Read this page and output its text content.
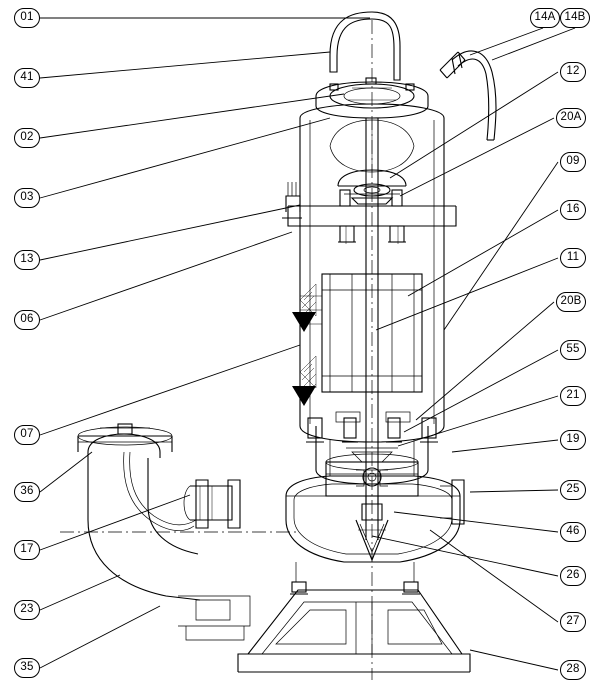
01
41
02
03
13
06
07
36
17
23
35
14A 14B
12
20A
09
16
11
20B
55
21
19
25
46
26
27
28
